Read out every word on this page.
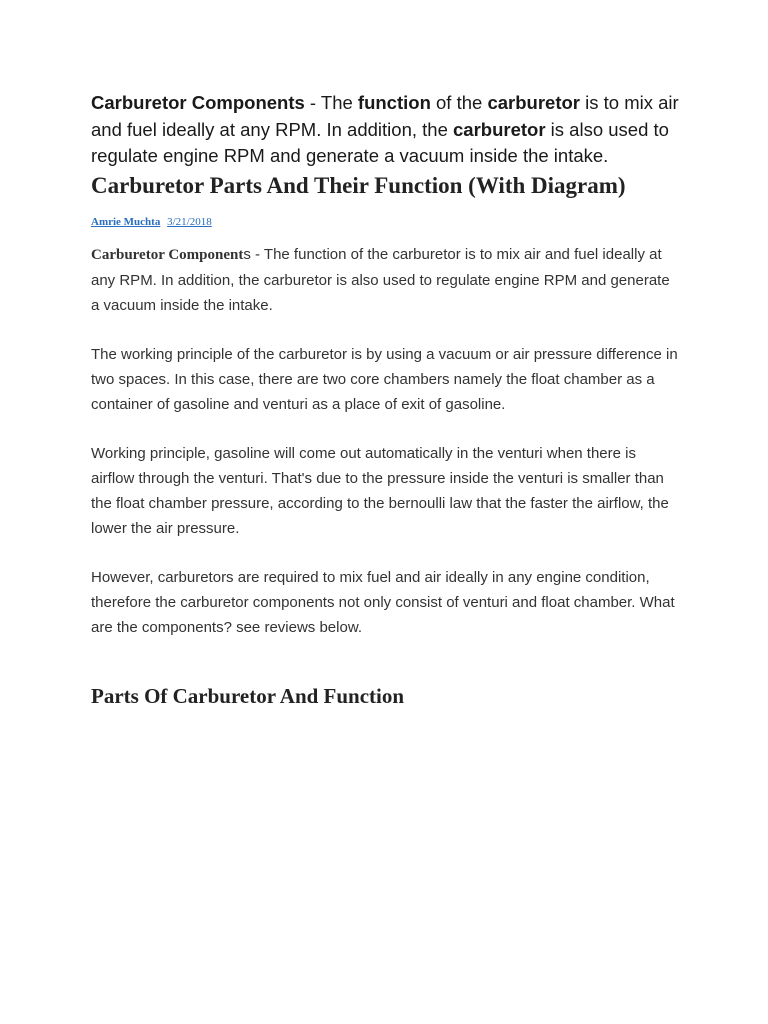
Carburetor Components - The function of the carburetor is to mix air and fuel ideally at any RPM. In addition, the carburetor is also used to regulate engine RPM and generate a vacuum inside the intake. Carburetor Parts And Their Function (With Diagram)

Amrie Muchta 3/21/2018

Carburetor Components - The function of the carburetor is to mix air and fuel ideally at any RPM. In addition, the carburetor is also used to regulate engine RPM and generate a vacuum inside the intake.

The working principle of the carburetor is by using a vacuum or air pressure difference in two spaces. In this case, there are two core chambers namely the float chamber as a container of gasoline and venturi as a place of exit of gasoline.

Working principle, gasoline will come out automatically in the venturi when there is airflow through the venturi. That's due to the pressure inside the venturi is smaller than the float chamber pressure, according to the bernoulli law that the faster the airflow, the lower the air pressure.

However, carburetors are required to mix fuel and air ideally in any engine condition, therefore the carburetor components not only consist of venturi and float chamber. What are the components? see reviews below.

Parts Of Carburetor And Function
